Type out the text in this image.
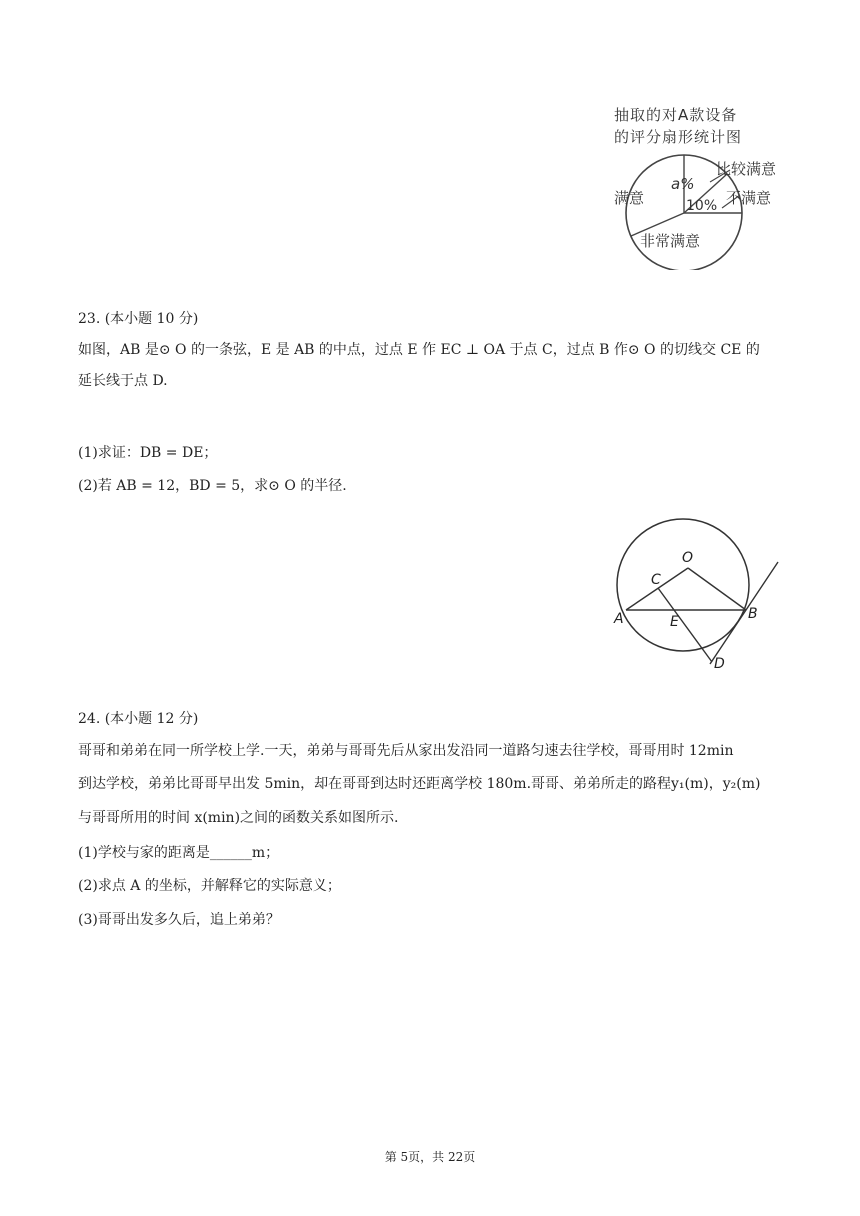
抽取的对A款设备
的评分扇形统计图
满意
a%
10%
比较满意
不满意
非常满意
23. (本小题 10 分)
如图，AB 是⊙ O 的一条弦，E 是 AB 的中点，过点 E 作 EC ⊥ OA 于点 C，过点 B 作⊙ O 的切线交 CE 的
延长线于点 D.
(1)求证：DB = DE；
(2)若 AB = 12，BD = 5，求⊙ O 的半径.
O
C
A	E	B
D
24. (本小题 12 分)
哥哥和弟弟在同一所学校上学.一天，弟弟与哥哥先后从家出发沿同一道路匀速去往学校，哥哥用时 12min
到达学校，弟弟比哥哥早出发 5min，却在哥哥到达时还距离学校 180m.哥哥、弟弟所走的路程y₁(m)，y₂(m)
与哥哥所用的时间 x(min)之间的函数关系如图所示.
(1)学校与家的距离是______m；
(2)求点 A 的坐标，并解释它的实际意义；
(3)哥哥出发多久后，追上弟弟？
第 5页，共 22页
